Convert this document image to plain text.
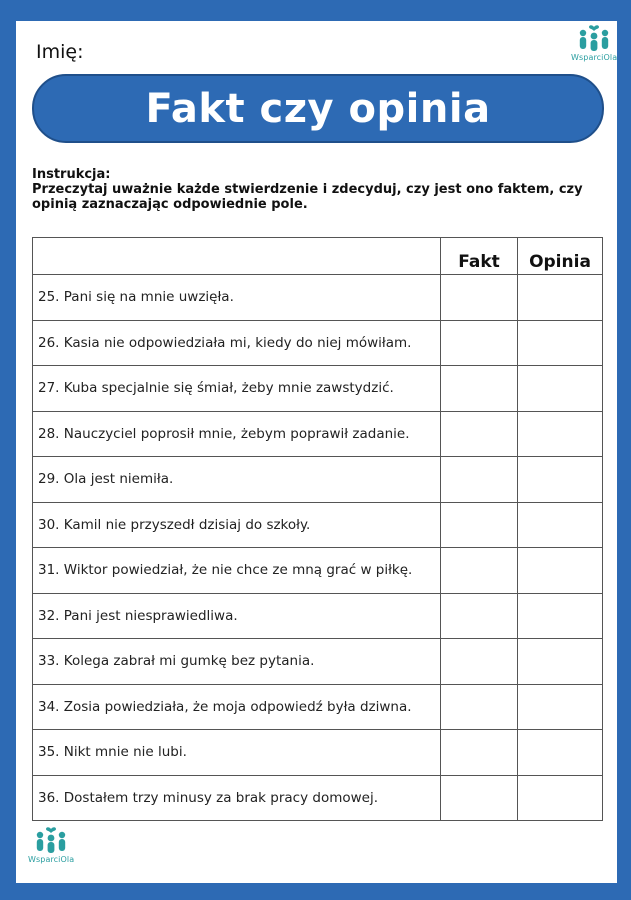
Imię:	WsparciOla
Fakt czy opinia
Instrukcja:
Przeczytaj uważnie każde stwierdzenie i zdecyduj, czy jest ono faktem, czy opinią zaznaczając odpowiednie pole.
	Fakt	Opinia
25. Pani się na mnie uwzięła.		
26. Kasia nie odpowiedziała mi, kiedy do niej mówiłam.		
27. Kuba specjalnie się śmiał, żeby mnie zawstydzić.		
28. Nauczyciel poprosił mnie, żebym poprawił zadanie.		
29. Ola jest niemiła.		
30. Kamil nie przyszedł dzisiaj do szkoły.		
31. Wiktor powiedział, że nie chce ze mną grać w piłkę.		
32. Pani jest niesprawiedliwa.		
33. Kolega zabrał mi gumkę bez pytania.		
34. Zosia powiedziała, że moja odpowiedź była dziwna.		
35. Nikt mnie nie lubi.		
36. Dostałem trzy minusy za brak pracy domowej.		
WsparciOla
